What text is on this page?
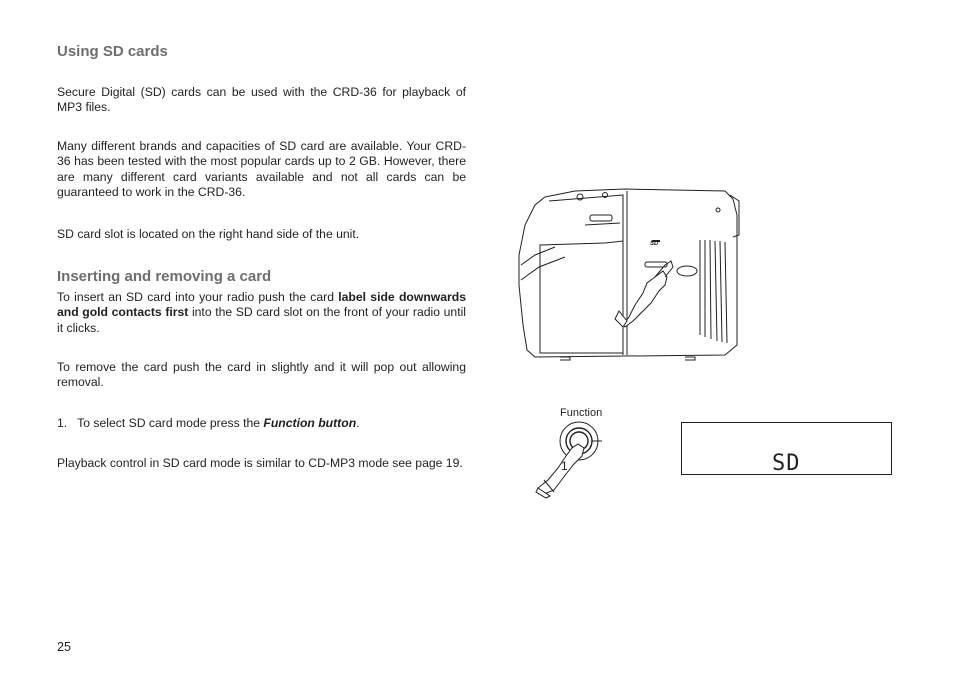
Using SD cards

Secure Digital (SD) cards can be used with the CRD-36 for playback of MP3 files.

Many different brands and capacities of SD card are available. Your CRD-36 has been tested with the most popular cards up to 2 GB. However, there are many different card variants available and not all cards can be guaranteed to work in the CRD-36.

SD card slot is located on the right hand side of the unit.

Inserting and removing a card

To insert an SD card into your radio push the card label side downwards and gold contacts first into the SD card slot on the front of your radio until it clicks.

To remove the card push the card in slightly and it will pop out allowing removal.

1. To select SD card mode press the Function button.

Playback control in SD card mode is similar to CD-MP3 mode see page 19.

25
SD
Function
1	SD
